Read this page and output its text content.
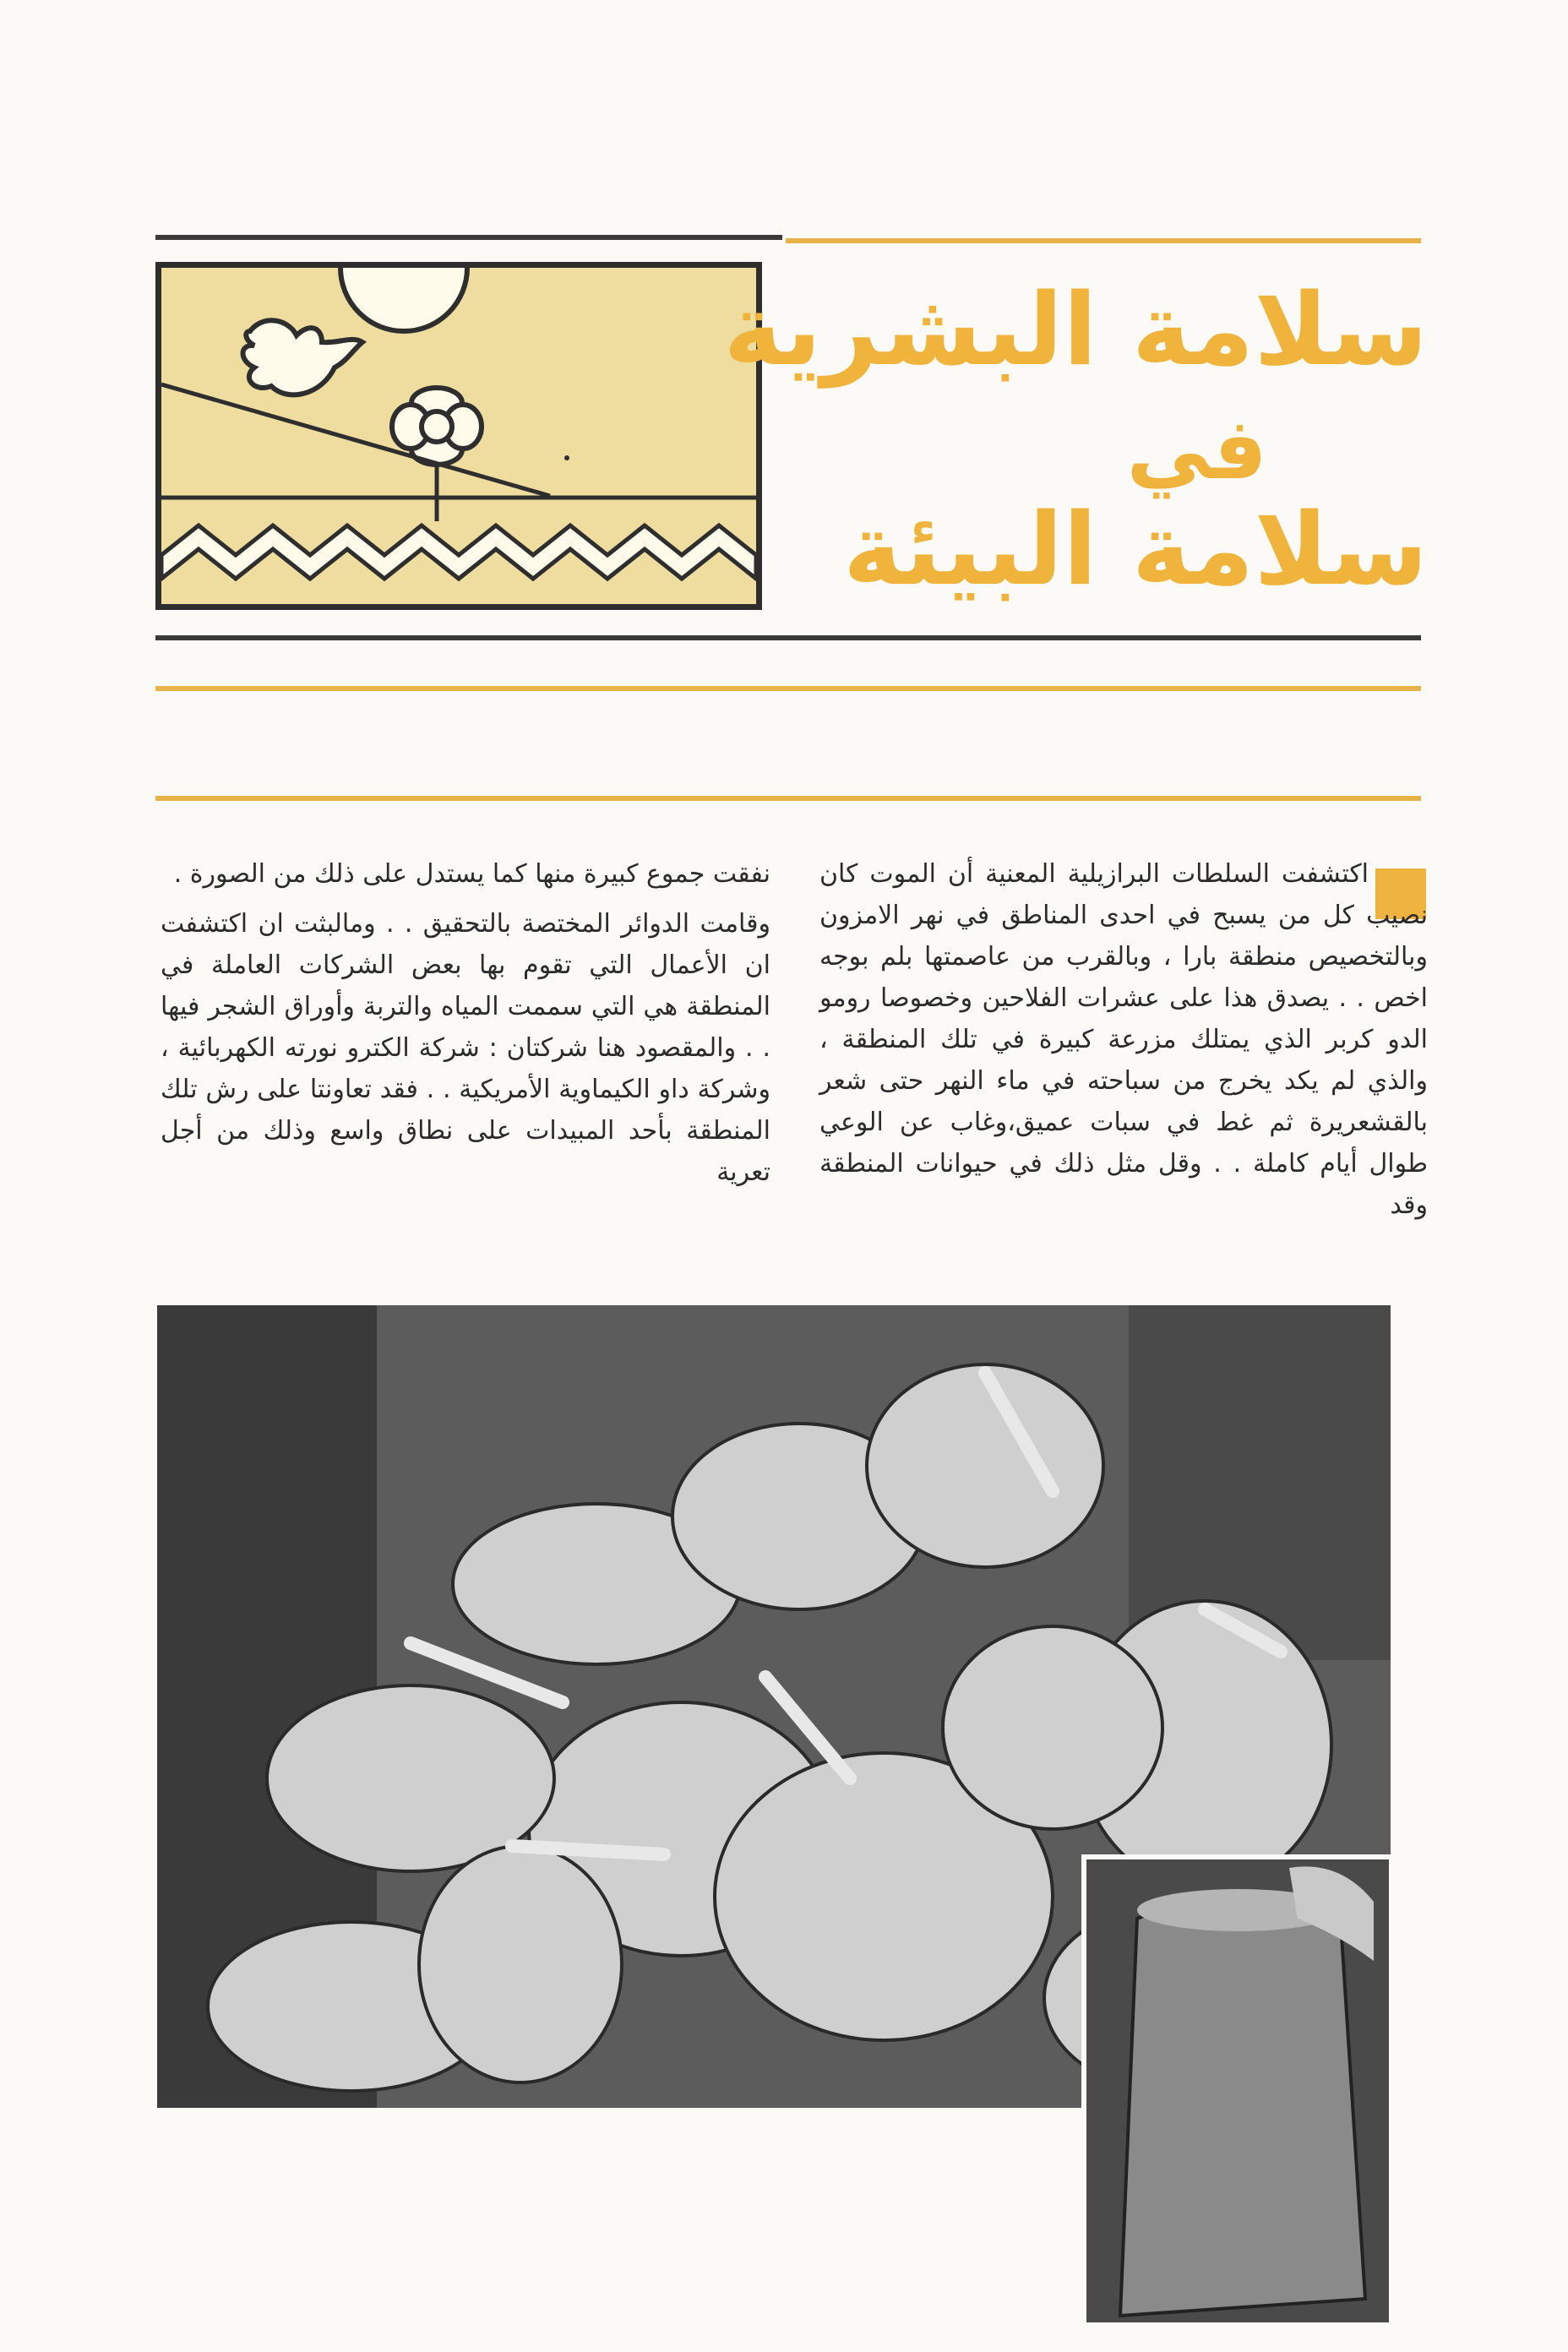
سلامة البشرية
في
سلامة البيئة

اكتشفت السلطات البرازيلية المعنية أن الموت كان نصيب كل من يسبح في احدى المناطق في نهر الامزون وبالتخصيص منطقة بارا ، وبالقرب من عاصمتها بلم بوجه اخص . . يصدق هذا على عشرات الفلاحين وخصوصا رومو الدو كربر الذي يمتلك مزرعة كبيرة في تلك المنطقة ، والذي لم يكد يخرج من سباحته في ماء النهر حتى شعر بالقشعريرة ثم غط في سبات عميق،وغاب عن الوعي طوال أيام كاملة . . وقل مثل ذلك في حيوانات المنطقة وقد

نفقت جموع كبيرة منها كما يستدل على ذلك من الصورة .

وقامت الدوائر المختصة بالتحقيق . . ومالبثت ان اكتشفت ان الأعمال التي تقوم بها بعض الشركات العاملة في المنطقة هي التي سممت المياه والتربة وأوراق الشجر فيها . . والمقصود هنا شركتان : شركة الكترو نورته الكهربائية ، وشركة داو الكيماوية الأمريكية . . فقد تعاونتا على رش تلك المنطقة بأحد المبيدات على نطاق واسع وذلك من أجل تعرية
